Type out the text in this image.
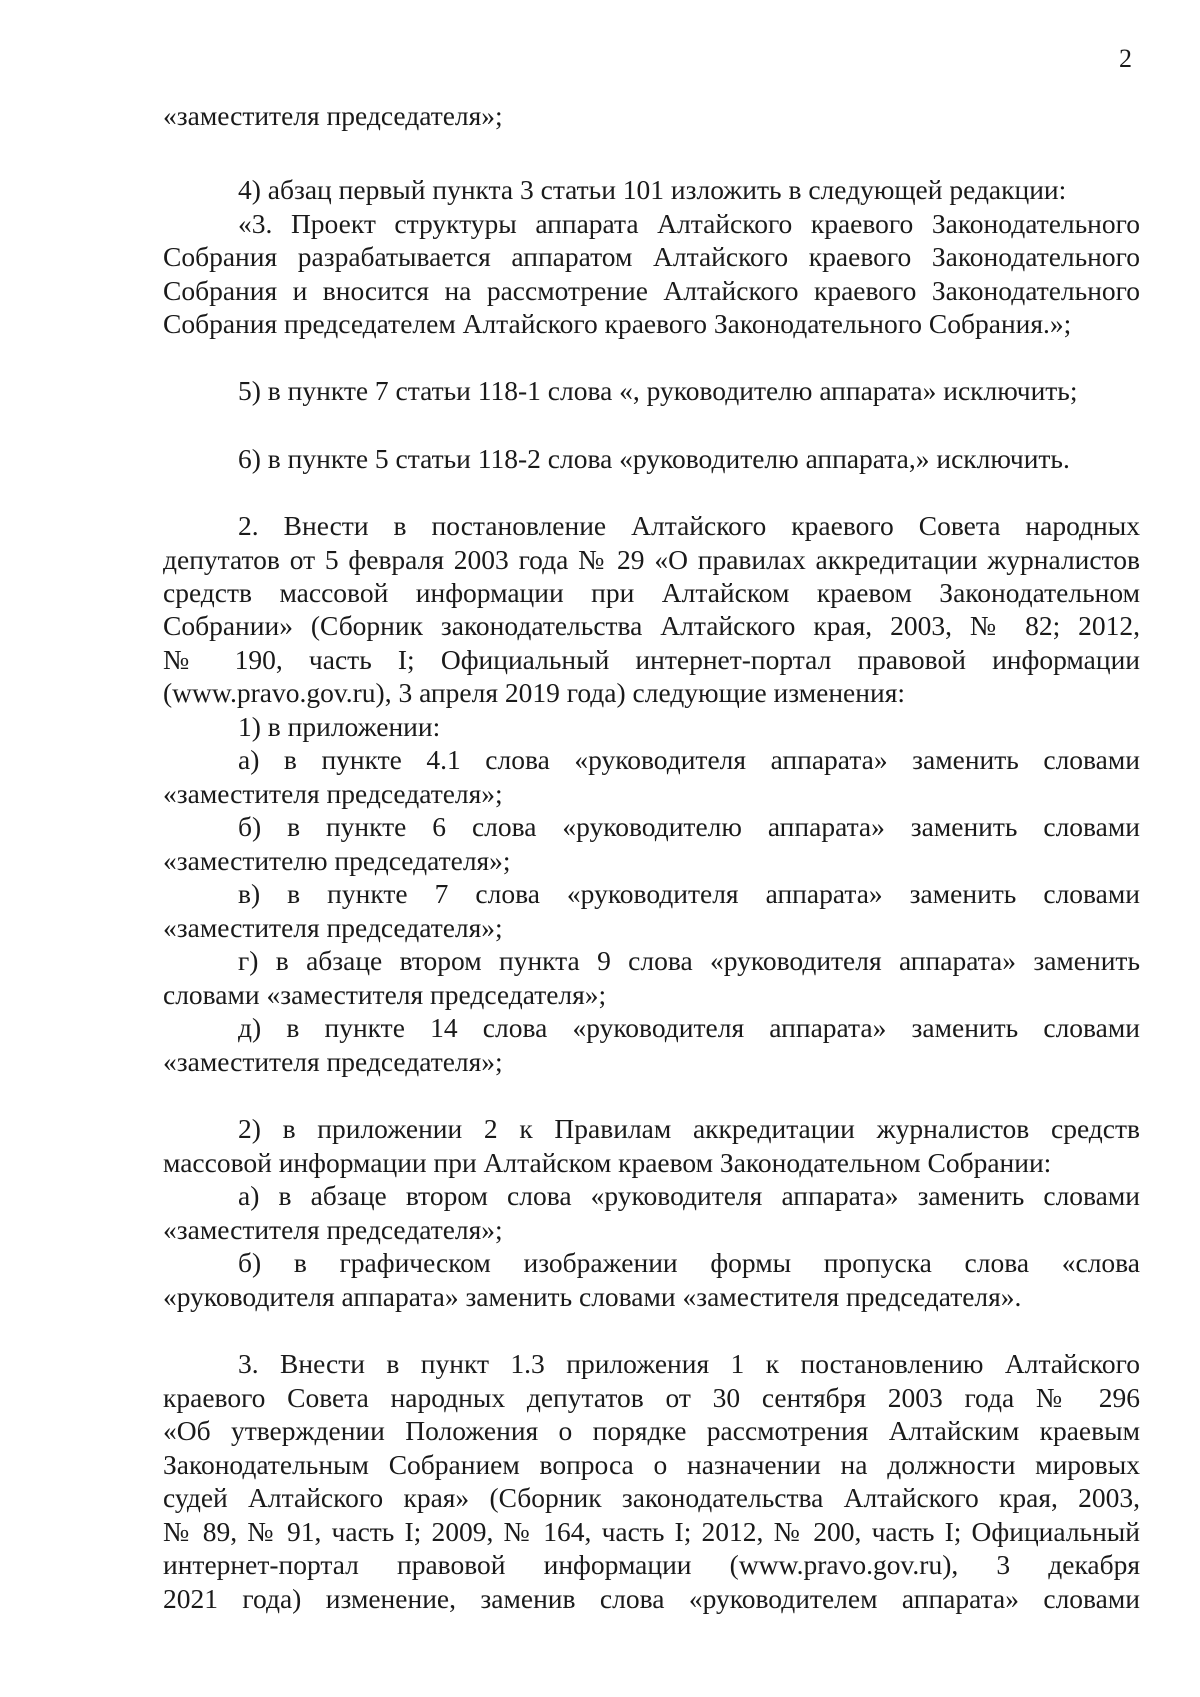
2
«заместителя председателя»;
4) абзац первый пункта 3 статьи 101 изложить в следующей редакции:
«3. Проект структуры аппарата Алтайского краевого Законодательного
Собрания разрабатывается аппаратом Алтайского краевого Законодательного
Собрания и вносится на рассмотрение Алтайского краевого Законодательного
Собрания председателем Алтайского краевого Законодательного Собрания.»;
5) в пункте 7 статьи 118-1 слова «, руководителю аппарата» исключить;
6) в пункте 5 статьи 118-2 слова «руководителю аппарата,» исключить.
2. Внести в постановление Алтайского краевого Совета народных
депутатов от 5 февраля 2003 года № 29 «О правилах аккредитации журналистов
средств массовой информации при Алтайском краевом Законодательном
Собрании» (Сборник законодательства Алтайского края, 2003, № 82; 2012,
№ 190, часть I; Официальный интернет-портал правовой информации
(www.pravo.gov.ru), 3 апреля 2019 года) следующие изменения:
1) в приложении:
а) в пункте 4.1 слова «руководителя аппарата» заменить словами
«заместителя председателя»;
б) в пункте 6 слова «руководителю аппарата» заменить словами
«заместителю председателя»;
в) в пункте 7 слова «руководителя аппарата» заменить словами
«заместителя председателя»;
г) в абзаце втором пункта 9 слова «руководителя аппарата» заменить
словами «заместителя председателя»;
д) в пункте 14 слова «руководителя аппарата» заменить словами
«заместителя председателя»;
2) в приложении 2 к Правилам аккредитации журналистов средств
массовой информации при Алтайском краевом Законодательном Собрании:
а) в абзаце втором слова «руководителя аппарата» заменить словами
«заместителя председателя»;
б) в графическом изображении формы пропуска слова «слова
«руководителя аппарата» заменить словами «заместителя председателя».
3. Внести в пункт 1.3 приложения 1 к постановлению Алтайского
краевого Совета народных депутатов от 30 сентября 2003 года № 296
«Об утверждении Положения о порядке рассмотрения Алтайским краевым
Законодательным Собранием вопроса о назначении на должности мировых
судей Алтайского края» (Сборник законодательства Алтайского края, 2003,
№ 89, № 91, часть I; 2009, № 164, часть I; 2012, № 200, часть I; Официальный
интернет-портал правовой информации (www.pravo.gov.ru), 3 декабря
2021 года) изменение, заменив слова «руководителем аппарата» словами
